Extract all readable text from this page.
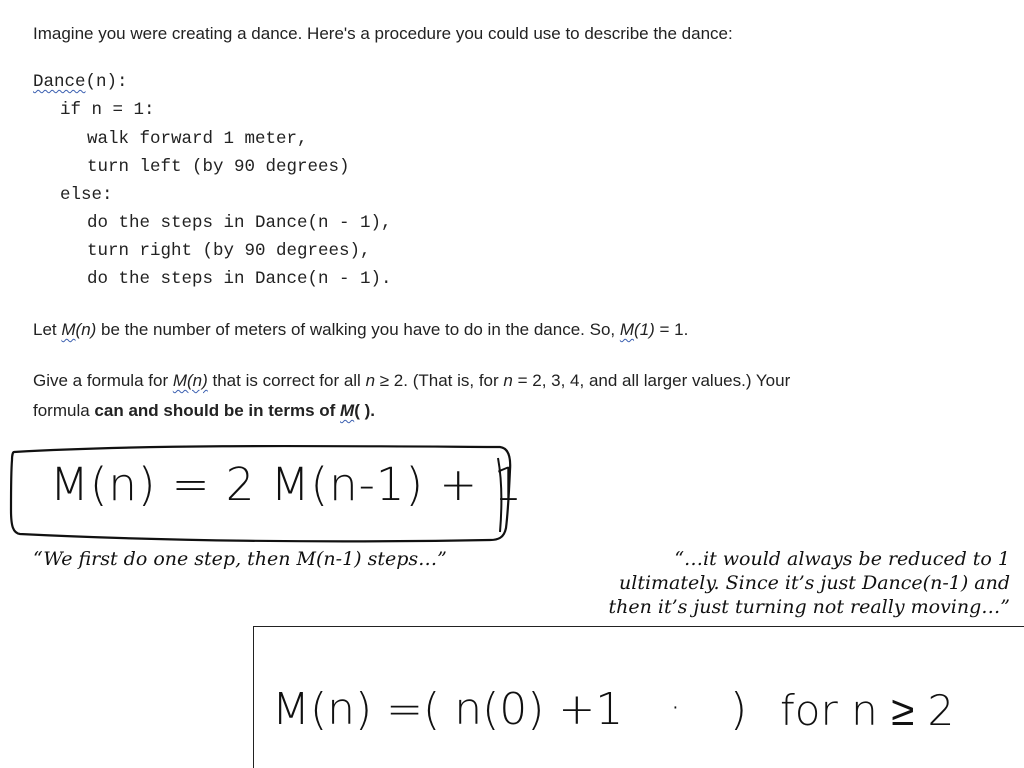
Imagine you were creating a dance. Here's a procedure you could use to describe the dance:
Dance(n):
if n = 1:
walk forward 1 meter,
turn left (by 90 degrees)
else:
do the steps in Dance(n - 1),
turn right (by 90 degrees),
do the steps in Dance(n - 1).
Let M(n) be the number of meters of walking you have to do in the dance. So, M(1) = 1.
Give a formula for M(n) that is correct for all n ≥ 2. (That is, for n = 2, 3, 4, and all larger values.) Your
formula can and should be in terms of M( ).
M(n) = 2 M(n-1) + 1
“We first do one step, then M(n-1) steps…”	“…it would always be reduced to 1
ultimately. Since it’s just Dance(n-1) and
then it’s just turning not really moving…”
M(n) =( n(0) +1 · ) for n ≥ 2
